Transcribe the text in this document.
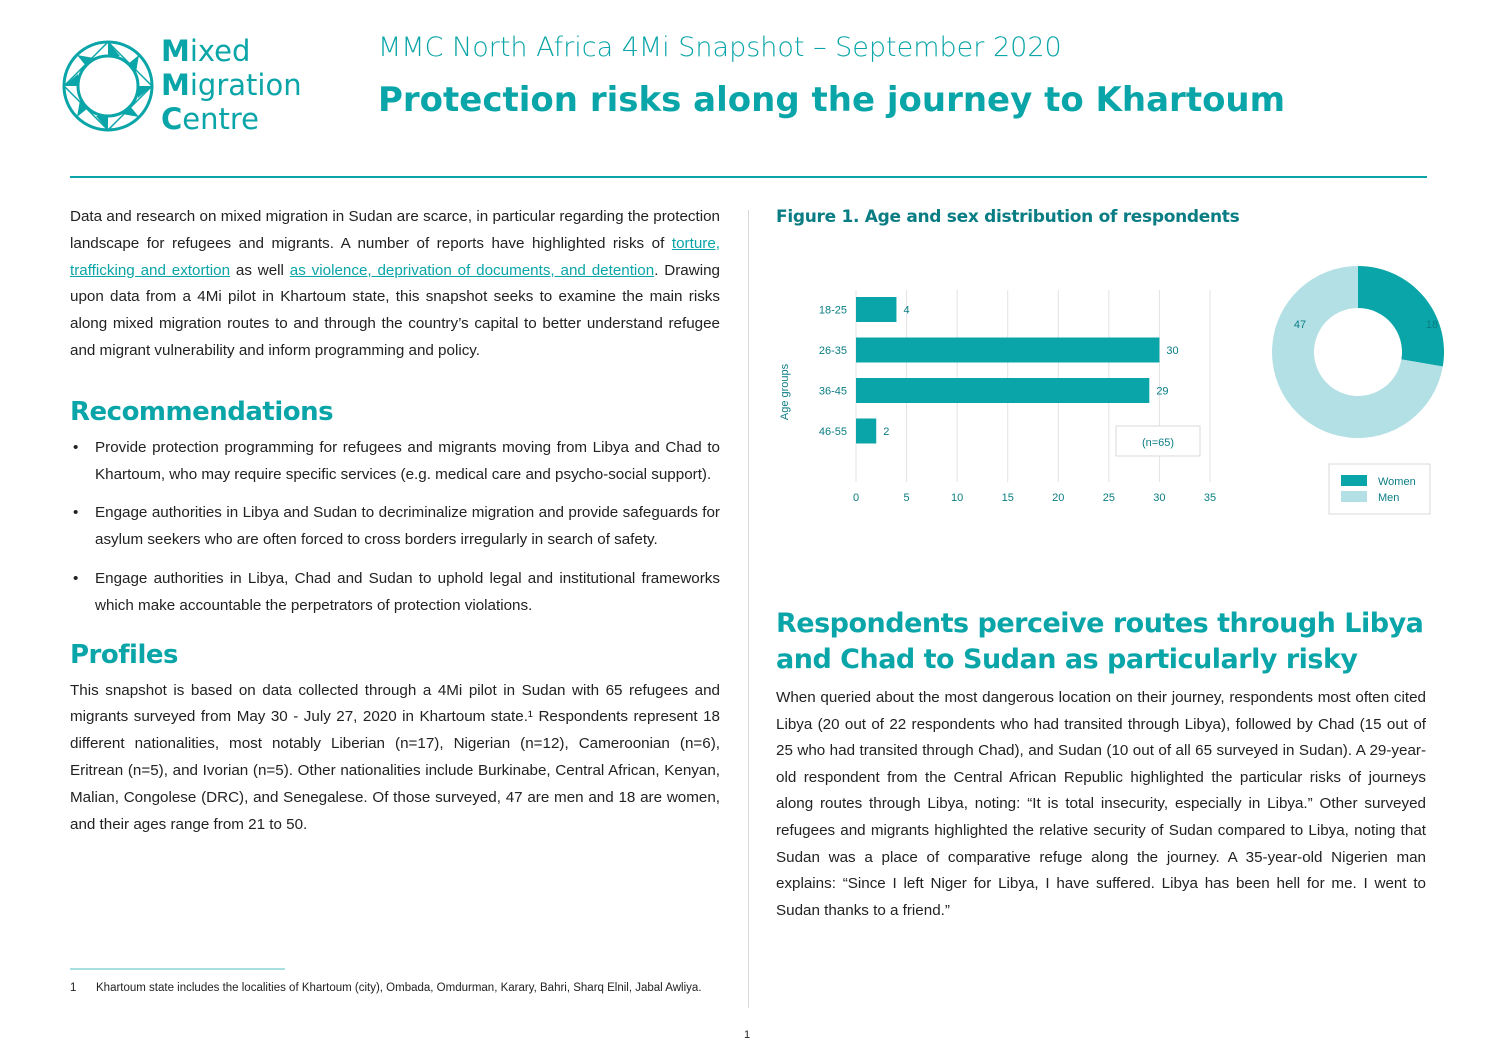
Mixed
Migration
Centre
MMC North Africa 4Mi Snapshot – September 2020
Protection risks along the journey to Khartoum

Data and research on mixed migration in Sudan are scarce, in particular regarding the protection landscape for refugees and migrants. A number of reports have highlighted risks of torture, trafficking and extortion as well as violence, deprivation of documents, and detention. Drawing upon data from a 4Mi pilot in Khartoum state, this snapshot seeks to examine the main risks along mixed migration routes to and through the country’s capital to better understand refugee and migrant vulnerability and inform programming and policy.

Recommendations
• Provide protection programming for refugees and migrants moving from Libya and Chad to Khartoum, who may require specific services (e.g. medical care and psycho-social support).
• Engage authorities in Libya and Sudan to decriminalize migration and provide safeguards for asylum seekers who are often forced to cross borders irregularly in search of safety.
• Engage authorities in Libya, Chad and Sudan to uphold legal and institutional frameworks which make accountable the perpetrators of protection violations.
Profiles

This snapshot is based on data collected through a 4Mi pilot in Sudan with 65 refugees and migrants surveyed from May 30 - July 27, 2020 in Khartoum state.¹ Respondents represent 18 different nationalities, most notably Liberian (n=17), Nigerian (n=12), Cameroonian (n=6), Eritrean (n=5), and Ivorian (n=5). Other nationalities include Burkinabe, Central African, Kenyan, Malian, Congolese (DRC), and Senegalese. Of those surveyed, 47 are men and 18 are women, and their ages range from 21 to 50.

1 Khartoum state includes the localities of Khartoum (city), Ombada, Omdurman, Karary, Bahri, Sharq Elnil, Jabal Awliya.
1
Figure 1. Age and sex distribution of respondents
0	5	10	15	20	25	30	35
18-25	4
26-35	30
36-45	29
46-55	2
Age groups
(n=65)
18
47
Women
Men
Respondents perceive routes through Libya and Chad to Sudan as particularly risky

When queried about the most dangerous location on their journey, respondents most often cited Libya (20 out of 22 respondents who had transited through Libya), followed by Chad (15 out of 25 who had transited through Chad), and Sudan (10 out of all 65 surveyed in Sudan). A 29-year-old respondent from the Central African Republic highlighted the particular risks of journeys along routes through Libya, noting: “It is total insecurity, especially in Libya.” Other surveyed refugees and migrants highlighted the relative security of Sudan compared to Libya, noting that Sudan was a place of comparative refuge along the journey. A 35-year-old Nigerien man explains: “Since I left Niger for Libya, I have suffered. Libya has been hell for me. I went to Sudan thanks to a friend.”
